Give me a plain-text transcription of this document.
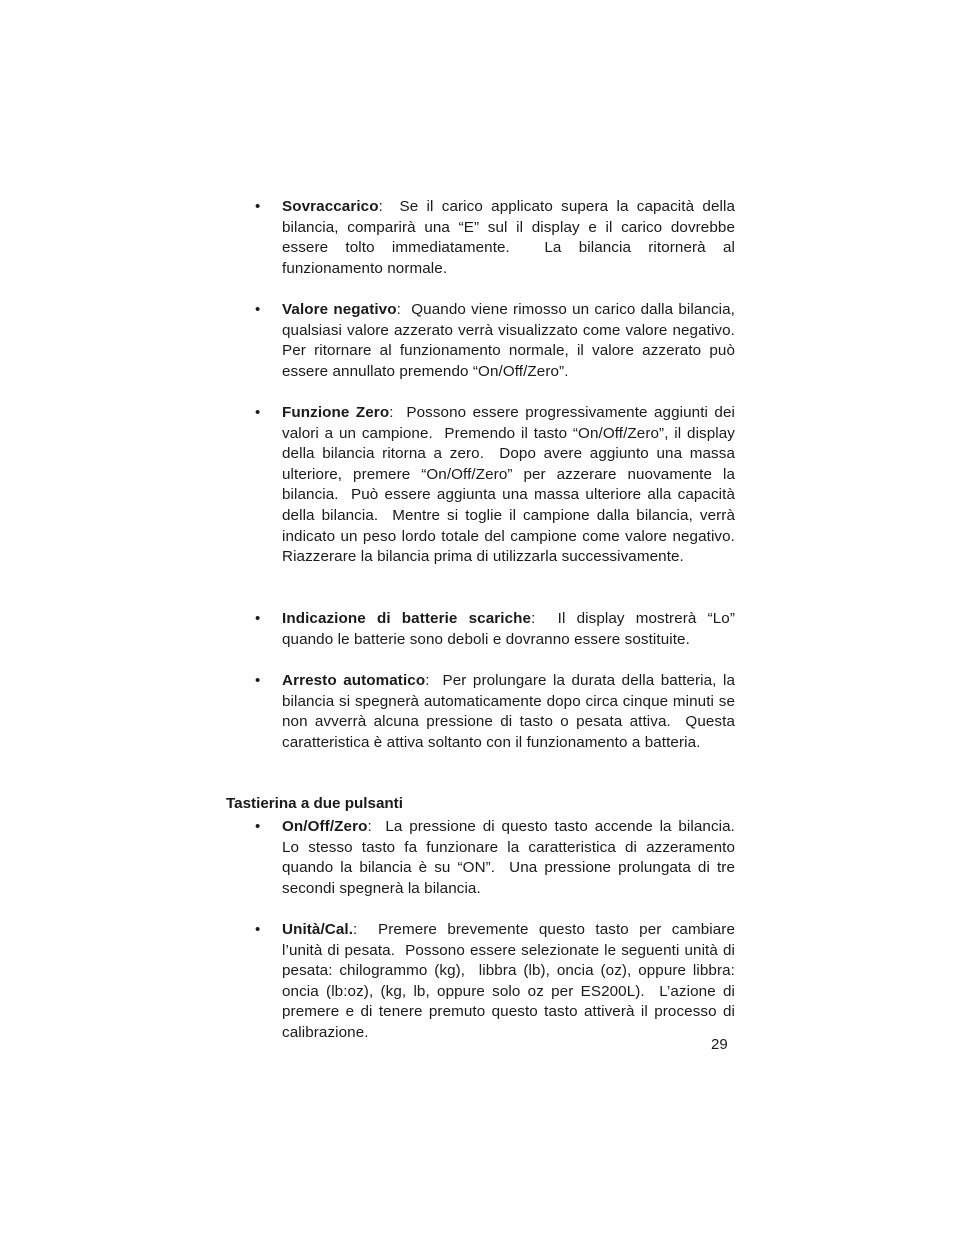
• Sovraccarico:  Se il carico applicato supera la capacità della bilancia, comparirà una “E” sul il display e il carico dovrebbe essere tolto immediatamente.  La bilancia ritornerà al funzionamento normale.
• Valore negativo:  Quando viene rimosso un carico dalla bilancia, qualsiasi valore azzerato verrà visualizzato come valore negativo.  Per ritornare al funzionamento normale, il valore azzerato può essere annullato premendo “On/Off/Zero”.
• Funzione Zero:  Possono essere progressivamente aggiunti dei valori a un campione.  Premendo il tasto “On/Off/Zero”, il display della bilancia ritorna a zero.  Dopo avere aggiunto una massa ulteriore, premere “On/Off/Zero” per azzerare nuovamente la bilancia.  Può essere aggiunta una massa ulteriore alla capacità della bilancia.  Mentre si toglie il campione dalla bilancia, verrà indicato un peso lordo totale del campione come valore negativo.  Riazzerare la bilancia prima di utilizzarla successivamente.
• Indicazione di batterie scariche:  Il display mostrerà “Lo” quando le batterie sono deboli e dovranno essere sostituite.
• Arresto automatico:  Per prolungare la durata della batteria, la bilancia si spegnerà automaticamente dopo circa cinque minuti se non avverrà alcuna pressione di tasto o pesata attiva.  Questa caratteristica è attiva soltanto con il funzionamento a batteria.
Tastierina a due pulsanti
• On/Off/Zero:  La pressione di questo tasto accende la bilancia.  Lo stesso tasto fa funzionare la caratteristica di azzeramento quando la bilancia è su “ON”.  Una pressione prolungata di tre secondi spegnerà la bilancia.
• Unità/Cal.:  Premere brevemente questo tasto per cambiare l’unità di pesata.  Possono essere selezionate le seguenti unità di pesata: chilogrammo (kg),  libbra (lb), oncia (oz), oppure libbra: oncia (lb:oz), (kg, lb, oppure solo oz per ES200L).  L’azione di premere e di tenere premuto questo tasto attiverà il processo di calibrazione.
29
